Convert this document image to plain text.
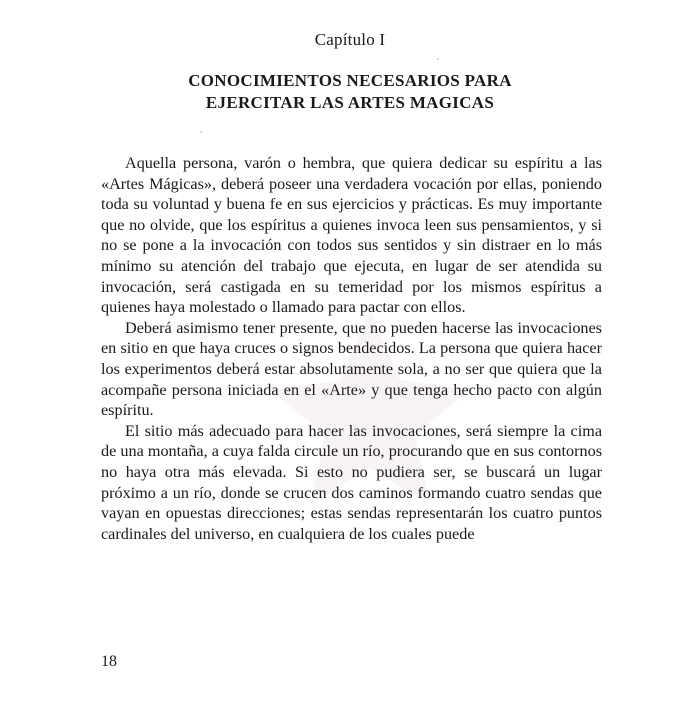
Capítulo I
CONOCIMIENTOS NECESARIOS PARA
EJERCITAR LAS ARTES MAGICAS

Aquella persona, varón o hembra, que quiera dedicar su espíritu a las «Artes Mágicas», deberá poseer una verdadera vocación por ellas, poniendo toda su voluntad y buena fe en sus ejercicios y prácticas. Es muy importante que no olvide, que los espíritus a quienes invoca leen sus pensamientos, y si no se pone a la invocación con todos sus sentidos y sin distraer en lo más mínimo su atención del trabajo que ejecuta, en lugar de ser atendida su invocación, será castigada en su temeridad por los mismos espíritus a quienes haya molestado o llamado para pactar con ellos.

Deberá asimismo tener presente, que no pueden hacerse las invocaciones en sitio en que haya cruces o signos bendecidos. La persona que quiera hacer los experimentos deberá estar absolutamente sola, a no ser que quiera que la acompañe persona iniciada en el «Arte» y que tenga hecho pacto con algún espíritu.

El sitio más adecuado para hacer las invocaciones, será siempre la cima de una montaña, a cuya falda circule un río, procurando que en sus contornos no haya otra más elevada. Si esto no pudiera ser, se buscará un lugar próximo a un río, donde se crucen dos caminos formando cuatro sendas que vayan en opuestas direcciones; estas sendas representarán los cuatro puntos cardinales del universo, en cualquiera de los cuales puede

18
